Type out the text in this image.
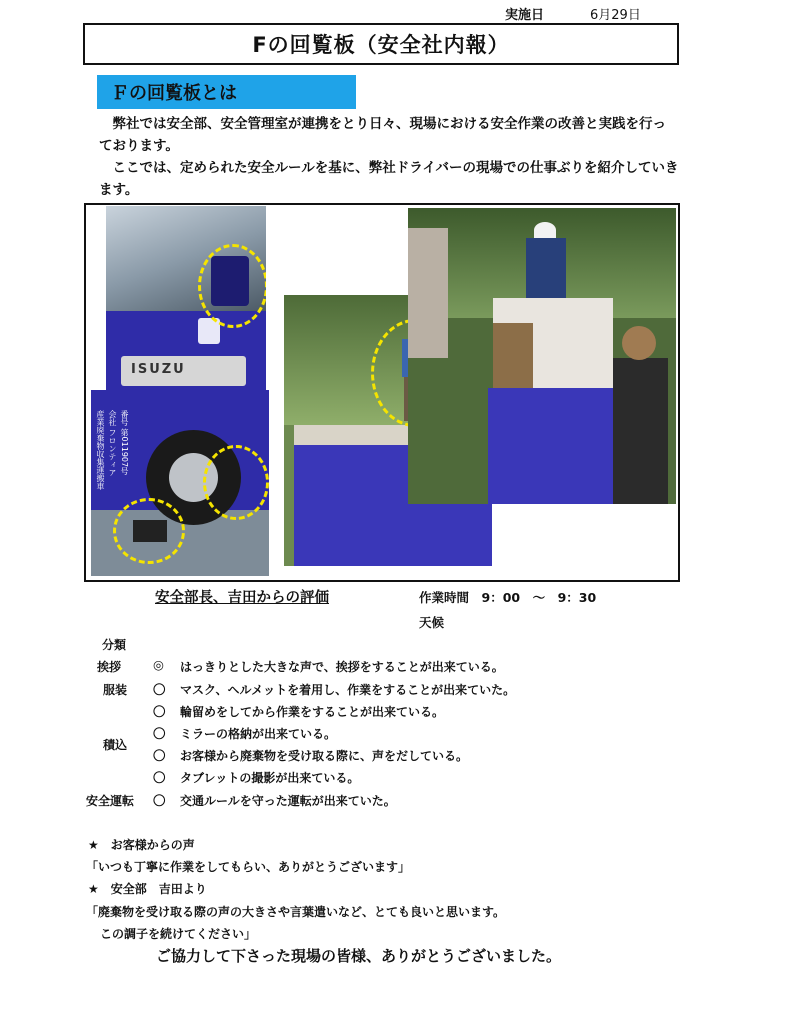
実施日	6月29日
Fの回覧板（安全社内報）
Ｆの回覧板とは
　弊社では安全部、安全管理室が連携をとり日々、現場における安全作業の改善と実践を行っております。
　ここでは、定められた安全ルールを基に、弊社ドライバーの現場での仕事ぶりを紹介していきます。
ISUZU
産業廃棄物収集運搬車 会社 フロンティア 番号 第011907号
安全部長、吉田からの評価	作業時間　9：00　～　9：30
天候
分類
挨拶
服装
積込
安全運転
◎ はっきりとした大きな声で、挨拶をすることが出来ている。
〇 マスク、ヘルメットを着用し、作業をすることが出来ていた。
〇 輪留めをしてから作業をすることが出来ている。
〇 ミラーの格納が出来ている。
〇 お客様から廃棄物を受け取る際に、声をだしている。
〇 タブレットの撮影が出来ている。
〇 交通ルールを守った運転が出来ていた。
★　お客様からの声
「いつも丁寧に作業をしてもらい、ありがとうございます」
★　安全部　吉田より
「廃棄物を受け取る際の声の大きさや言葉遣いなど、とても良いと思います。
この調子を続けてください」
ご協力して下さった現場の皆様、ありがとうございました。
